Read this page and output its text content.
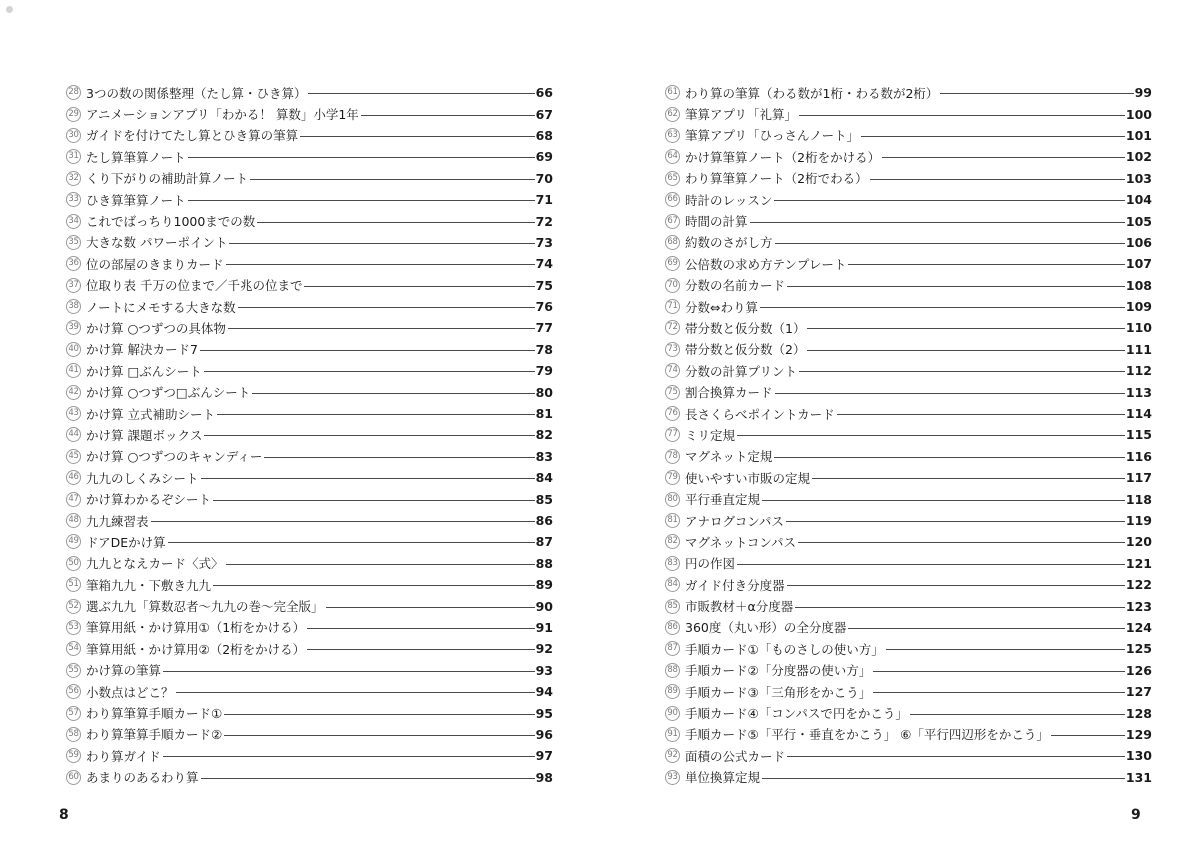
28 3つの数の関係整理（たし算・ひき算）	66
29 アニメーションアプリ「わかる！ 算数」小学1年	67
30 ガイドを付けてたし算とひき算の筆算	68
31 たし算筆算ノート	69
32 くり下がりの補助計算ノート	70
33 ひき算筆算ノート	71
34 これでばっちり1000までの数	72
35 大きな数 パワーポイント	73
36 位の部屋のきまりカード	74
37 位取り表 千万の位まで／千兆の位まで	75
38 ノートにメモする大きな数	76
39 かけ算 ○つずつの具体物	77
40 かけ算 解決カード7	78
41 かけ算 □ぶんシート	79
42 かけ算 ○つずつ□ぶんシート	80
43 かけ算 立式補助シート	81
44 かけ算 課題ボックス	82
45 かけ算 ○つずつのキャンディー	83
46 九九のしくみシート	84
47 かけ算わかるぞシート	85
48 九九練習表	86
49 ドアDEかけ算	87
50 九九となえカード〈式〉	88
51 筆箱九九・下敷き九九	89
52 選ぶ九九「算数忍者～九九の巻～完全版」	90
53 筆算用紙・かけ算用①（1桁をかける）	91
54 筆算用紙・かけ算用②（2桁をかける）	92
55 かけ算の筆算	93
56 小数点はどこ？	94
57 わり算筆算手順カード①	95
58 わり算筆算手順カード②	96
59 わり算ガイド	97
60 あまりのあるわり算	98
61 わり算の筆算（わる数が1桁・わる数が2桁）	99
62 筆算アプリ「礼算」	100
63 筆算アプリ「ひっさんノート」	101
64 かけ算筆算ノート（2桁をかける）	102
65 わり算筆算ノート（2桁でわる）	103
66 時計のレッスン	104
67 時間の計算	105
68 約数のさがし方	106
69 公倍数の求め方テンプレート	107
70 分数の名前カード	108
71 分数⇔わり算	109
72 帯分数と仮分数（1）	110
73 帯分数と仮分数（2）	111
74 分数の計算プリント	112
75 割合換算カード	113
76 長さくらべポイントカード	114
77 ミリ定規	115
78 マグネット定規	116
79 使いやすい市販の定規	117
80 平行垂直定規	118
81 アナログコンパス	119
82 マグネットコンパス	120
83 円の作図	121
84 ガイド付き分度器	122
85 市販教材＋α分度器	123
86 360度（丸い形）の全分度器	124
87 手順カード①「ものさしの使い方」	125
88 手順カード②「分度器の使い方」	126
89 手順カード③「三角形をかこう」	127
90 手順カード④「コンパスで円をかこう」	128
91 手順カード⑤「平行・垂直をかこう」 ⑥「平行四辺形をかこう」	129
92 面積の公式カード	130
93 単位換算定規	131
8	9
